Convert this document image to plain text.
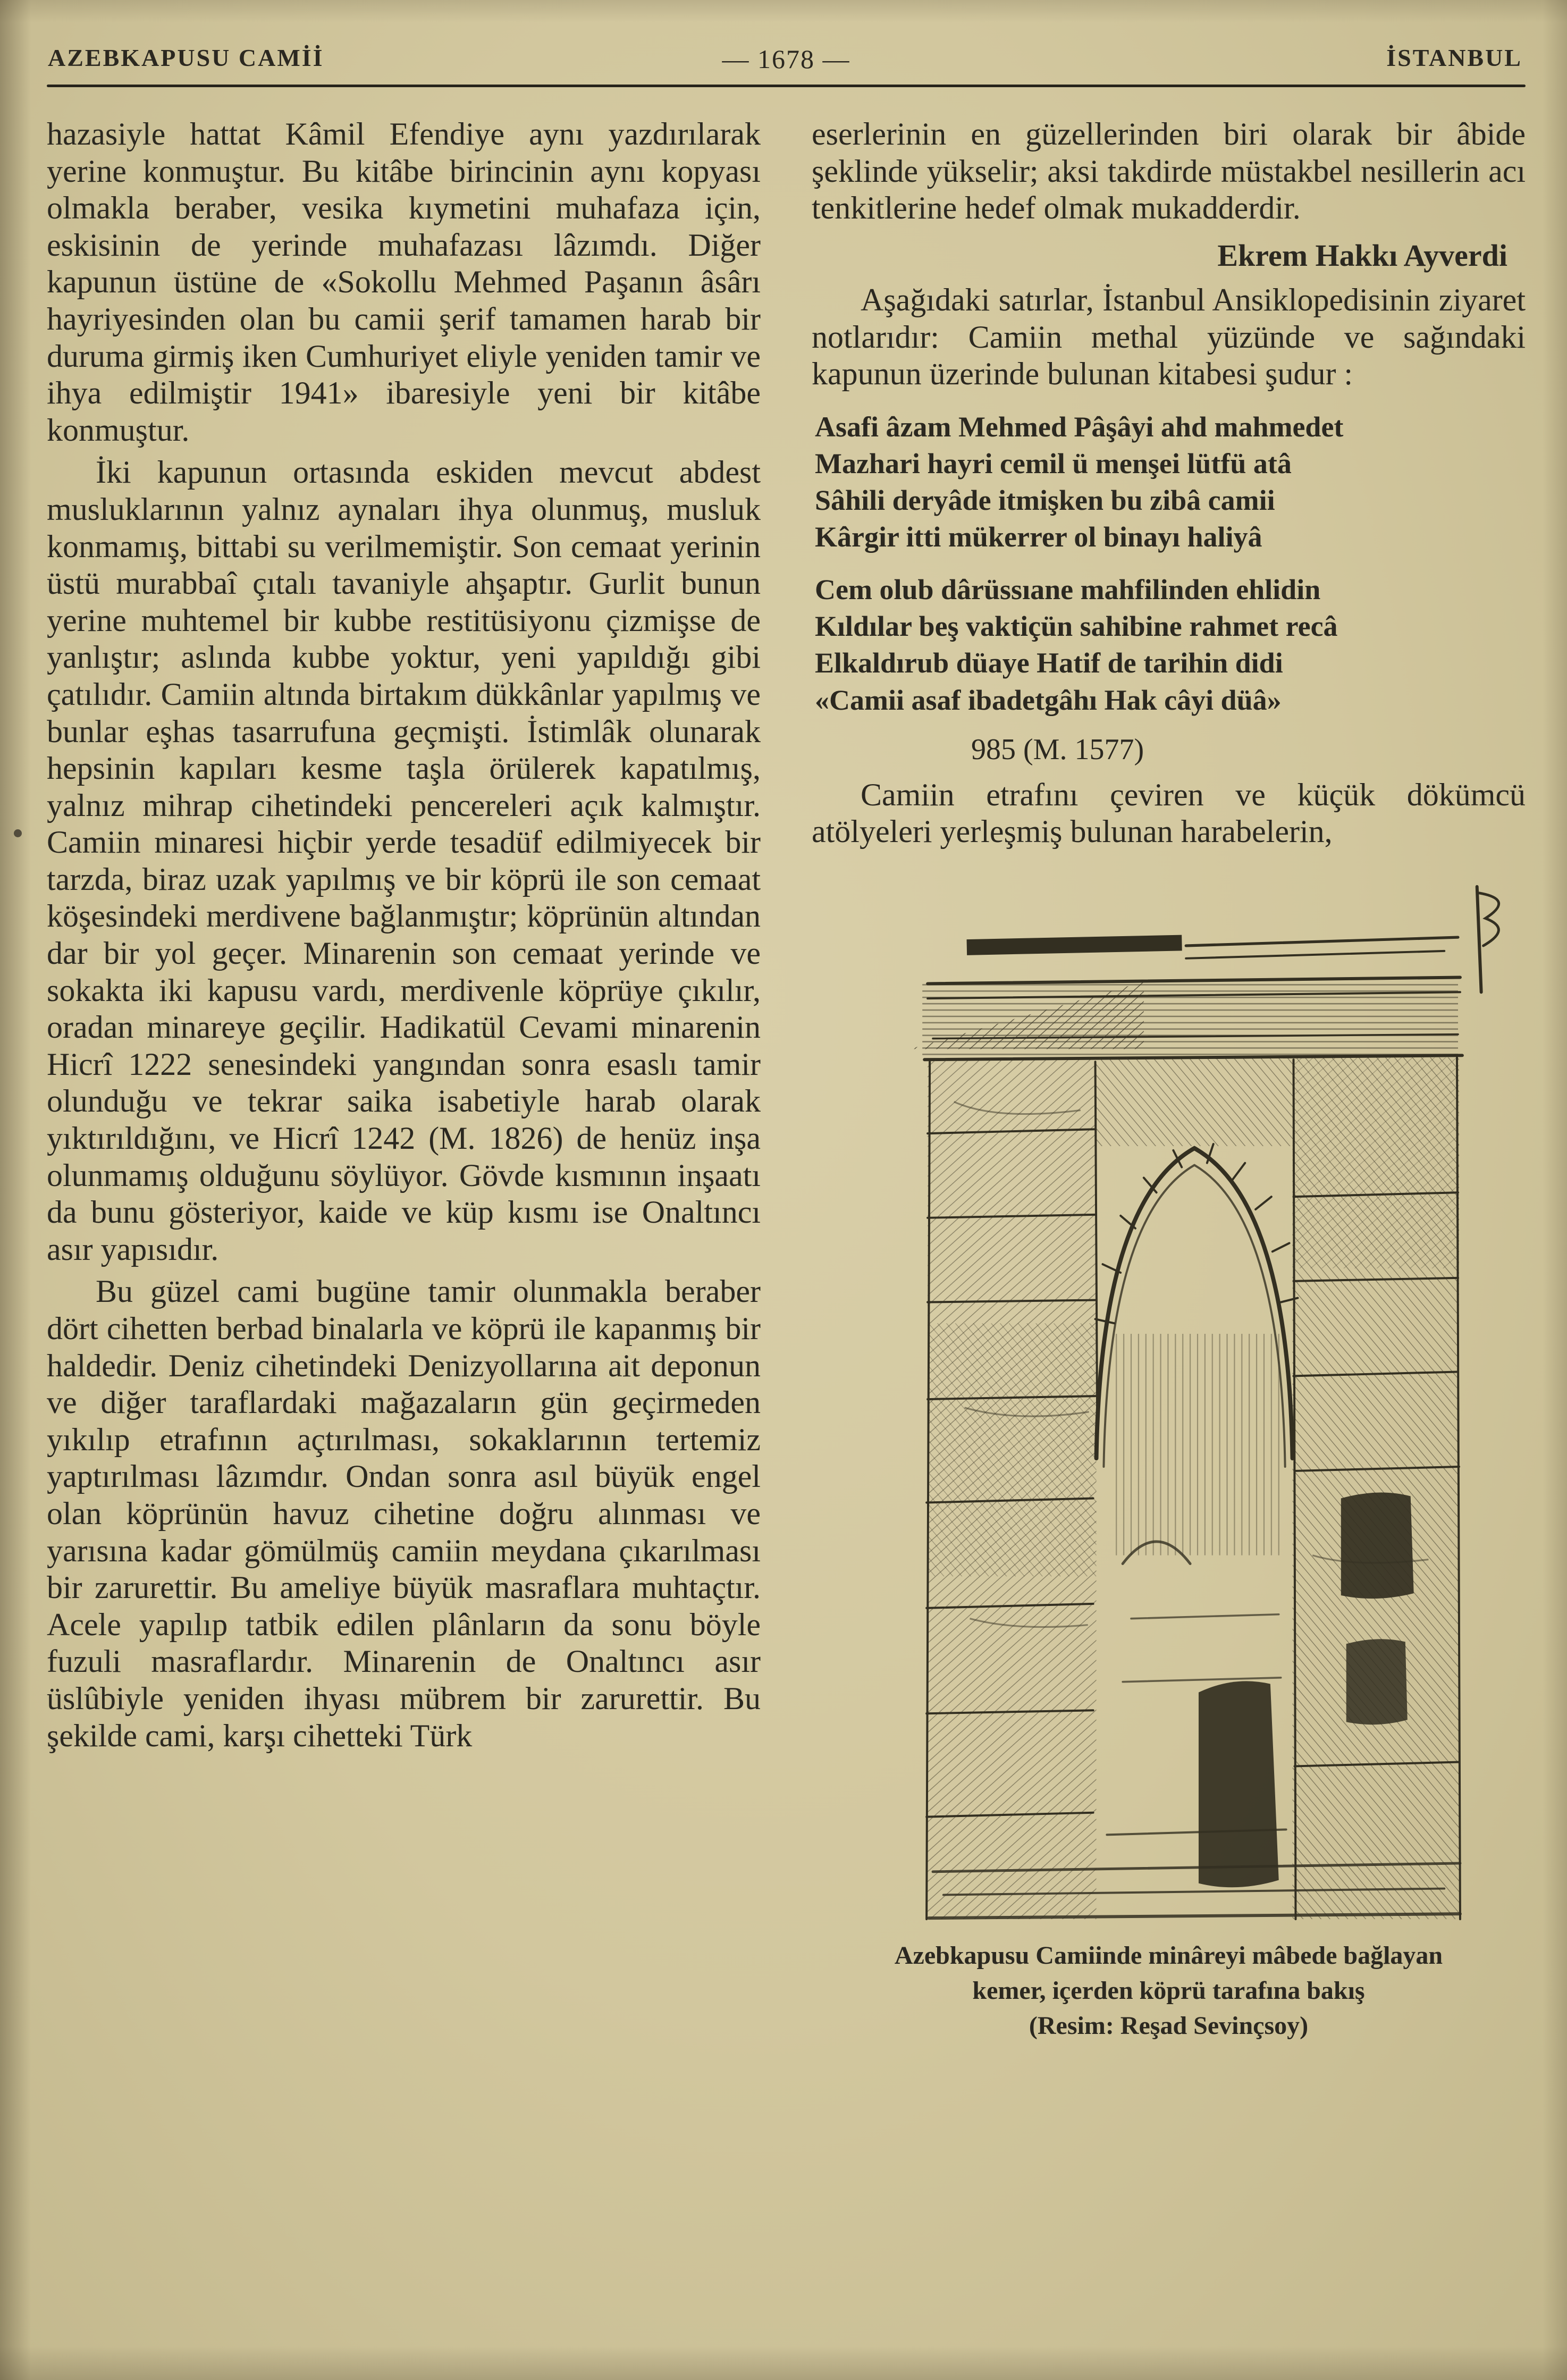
AZEBKAPUSU CAMİİ	— 1678 —	İSTANBUL

hazasiyle hattat Kâmil Efendiye aynı yazdırılarak yerine konmuştur. Bu kitâbe birincinin aynı kopyası olmakla beraber, vesika kıymetini muhafaza için, eskisinin de yerinde muhafazası lâzımdı. Diğer kapunun üstüne de «Sokollu Mehmed Paşanın âsârı hayriyesinden olan bu camii şerif tamamen harab bir duruma girmiş iken Cumhuriyet eliyle yeniden tamir ve ihya edilmiştir 1941» ibaresiyle yeni bir kitâbe konmuştur.

İki kapunun ortasında eskiden mevcut abdest musluklarının yalnız aynaları ihya olunmuş, musluk konmamış, bittabi su verilmemiştir. Son cemaat yerinin üstü murabbaî çıtalı tavaniyle ahşaptır. Gurlit bunun yerine muhtemel bir kubbe restitüsiyonu çizmişse de yanlıştır; aslında kubbe yoktur, yeni yapıldığı gibi çatılıdır. Camiin altında birtakım dükkânlar yapılmış ve bunlar eşhas tasarrufuna geçmişti. İstimlâk olunarak hepsinin kapıları kesme taşla örülerek kapatılmış, yalnız mihrap cihetindeki pencereleri açık kalmıştır. Camiin minaresi hiçbir yerde tesadüf edilmiyecek bir tarzda, biraz uzak yapılmış ve bir köprü ile son cemaat köşesindeki merdivene bağlanmıştır; köprünün altından dar bir yol geçer. Minarenin son cemaat yerinde ve sokakta iki kapusu vardı, merdivenle köprüye çıkılır, oradan minareye geçilir. Hadikatül Cevami minarenin Hicrî 1222 senesindeki yangından sonra esaslı tamir olunduğu ve tekrar saika isabetiyle harab olarak yıktırıldığını, ve Hicrî 1242 (M. 1826) de henüz inşa olunmamış olduğunu söylüyor. Gövde kısmının inşaatı da bunu gösteriyor, kaide ve küp kısmı ise Onaltıncı asır yapısıdır.

Bu güzel cami bugüne tamir olunmakla beraber dört cihetten berbad binalarla ve köprü ile kapanmış bir haldedir. Deniz cihetindeki Denizyollarına ait deponun ve diğer taraflardaki mağazaların gün geçirmeden yıkılıp etrafının açtırılması, sokaklarının tertemiz yaptırılması lâzımdır. Ondan sonra asıl büyük engel olan köprünün havuz cihetine doğru alınması ve yarısına kadar gömülmüş camiin meydana çıkarılması bir zarurettir. Bu ameliye büyük masraflara muhtaçtır. Acele yapılıp tatbik edilen plânların da sonu böyle fuzuli masraflardır. Minarenin de Onaltıncı asır üslûbiyle yeniden ihyası mübrem bir zarurettir. Bu şekilde cami, karşı cihetteki Türk

eserlerinin en güzellerinden biri olarak bir âbide şeklinde yükselir; aksi takdirde müstakbel nesillerin acı tenkitlerine hedef olmak mukadderdir.

Ekrem Hakkı Ayverdi

Aşağıdaki satırlar, İstanbul Ansiklopedisinin ziyaret notlarıdır: Camiin methal yüzünde ve sağındaki kapunun üzerinde bulunan kitabesi şudur :

Asafi âzam Mehmed Pâşâyi ahd mahmedet
Mazhari hayri cemil ü menşei lütfü atâ
Sâhili deryâde itmişken bu zibâ camii
Kârgir itti mükerrer ol binayı haliyâ
Cem olub dârüssıane mahfilinden ehlidin
Kıldılar beş vaktiçün sahibine rahmet recâ
Elkaldırub düaye Hatif de tarihin didi
«Camii asaf ibadetgâhı Hak câyi düâ»
985 (M. 1577)

Camiin etrafını çeviren ve küçük dökümcü atölyeleri yerleşmiş bulunan harabelerin,

Azebkapusu Camiinde minâreyi mâbede bağlayan
kemer, içerden köprü tarafına bakış
(Resim: Reşad Sevinçsoy)
